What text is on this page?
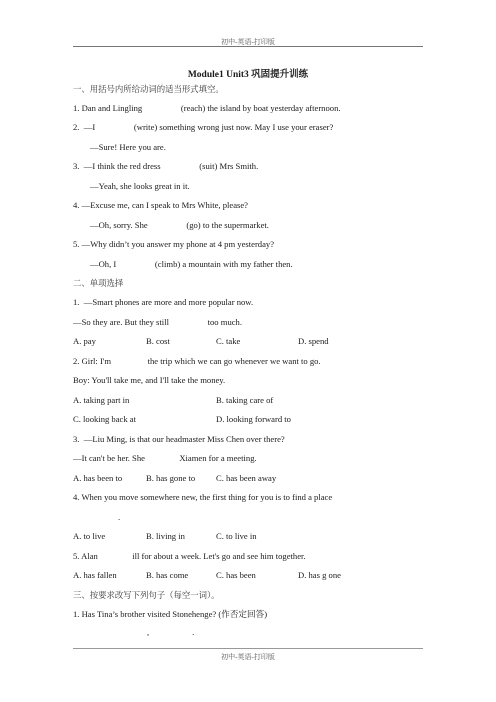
初中-英语-打印版
Module1 Unit3 巩固提升训练
一、用括号内所给动词的适当形式填空。
1. Dan and Lingling                  (reach) the island by boat yesterday afternoon.
2.  —I                  (write) something wrong just now. May I use your eraser?
—Sure! Here you are.
3.  —I think the red dress                  (suit) Mrs Smith.
—Yeah, she looks great in it.
4. —Excuse me, can I speak to Mrs White, please?
—Oh, sorry. She                  (go) to the supermarket.
5. —Why didn’t you answer my phone at 4 pm yesterday?
—Oh, I                  (climb) a mountain with my father then.
二、单项选择
1.  —Smart phones are more and more popular now.
—So they are. But they still                  too much.
A. pay	B. cost	C. take	D. spend
2. Girl: I'm                 the trip which we can go whenever we want to go.
Boy: You'll take me, and I'll take the money.
A. taking part in	B. taking care of
C. looking back at	D. looking forward to
3.  —Liu Ming, is that our headmaster Miss Chen over there?
—It can't be her. She                Xiamen for a meeting.
A. has been to	B. has gone to C. has been away
4. When you move somewhere new, the first thing for you is to find a place
.
A. to live	B. living in	C. to live in
5. Alan                ill for about a week. Let's go and see him together.
A. has fallen	B. has come	C. has been	D. has g one
三、按要求改写下列句子（每空一词）。
1. Has Tina’s brother visited Stonehenge? (作否定回答)
,                    .
初中-英语-打印版
